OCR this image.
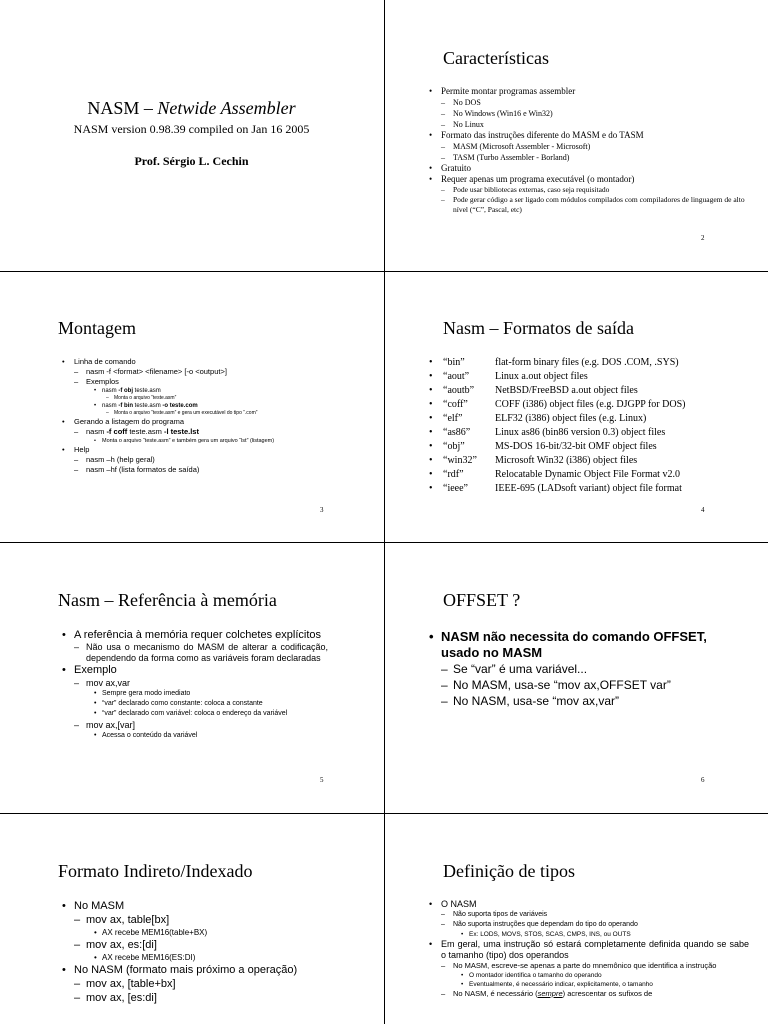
NASM – Netwide Assembler
NASM version 0.98.39 compiled on Jan 16 2005
Prof. Sérgio L. Cechin
Características
• Permite montar programas assembler
– No DOS
– No Windows (Win16 e Win32)
– No Linux
• Formato das instruções diferente do MASM e do TASM
– MASM (Microsoft Assembler - Microsoft)
– TASM (Turbo Assembler - Borland)
• Gratuito
• Requer apenas um programa executável (o montador)
– Pode usar bibliotecas externas, caso seja requisitado
– Pode gerar código a ser ligado com módulos compilados com compiladores de linguagem de alto nível (“C”, Pascal, etc)
2
Montagem
• Linha de comando
– nasm -f <format> <filename> [-o <output>]
– Exemplos
• nasm -f obj teste.asm
– Monta o arquivo “teste.asm”
• nasm -f bin teste.asm -o teste.com
– Monta o arquivo “teste.asm” e gera um executável do tipo “.com”
• Gerando a listagem do programa
– nasm -f coff teste.asm -l teste.lst
• Monta o arquivo “teste.asm” e também gera um arquivo “lst” (listagem)
• Help
– nasm –h (help geral)
– nasm –hf (lista formatos de saída)
3
Nasm – Formatos de saída
•	“bin”	flat-form binary files (e.g. DOS .COM, .SYS)
•	“aout”	Linux a.out object files
•	“aoutb”	NetBSD/FreeBSD a.out object files
•	“coff”	COFF (i386) object files (e.g. DJGPP for DOS)
•	“elf”	ELF32 (i386) object files (e.g. Linux)
•	“as86”	Linux as86 (bin86 version 0.3) object files
•	“obj”	MS-DOS 16-bit/32-bit OMF object files
•	“win32”	Microsoft Win32 (i386) object files
•	“rdf”	Relocatable Dynamic Object File Format v2.0
•	“ieee”	IEEE-695 (LADsoft variant) object file format
4
Nasm – Referência à memória
• A referência à memória requer colchetes explícitos
– Não usa o mecanismo do MASM de alterar a codificação, dependendo da forma como as variáveis foram declaradas
• Exemplo
– mov ax,var
• Sempre gera modo imediato
• “var” declarado como constante: coloca a constante
• “var” declarado com variável: coloca o endereço da variável
– mov ax,[var]
• Acessa o conteúdo da variável
5
OFFSET ?
• NASM não necessita do comando OFFSET, usado no MASM
– Se “var” é uma variável...
– No MASM, usa-se “mov ax,OFFSET var”
– No NASM, usa-se “mov ax,var”
6
Formato Indireto/Indexado
• No MASM
– mov ax, table[bx]
• AX recebe MEM16(table+BX)
– mov ax, es:[di]
• AX recebe MEM16(ES:DI)
• No NASM (formato mais próximo a operação)
– mov ax, [table+bx]
– mov ax, [es:di]
Definição de tipos
• O NASM
– Não suporta tipos de variáveis
– Não suporta instruções que dependam do tipo do operando
• Ex: LODS, MOVS, STOS, SCAS, CMPS, INS, ou OUTS
• Em geral, uma instrução só estará completamente definida quando se sabe o tamanho (tipo) dos operandos
– No MASM, escreve-se apenas a parte do mnemônico que identifica a instrução
• O montador identifica o tamanho do operando
• Eventualmente, é necessário indicar, explicitamente, o tamanho
– No NASM, é necessário (sempre) acrescentar os sufixos de
